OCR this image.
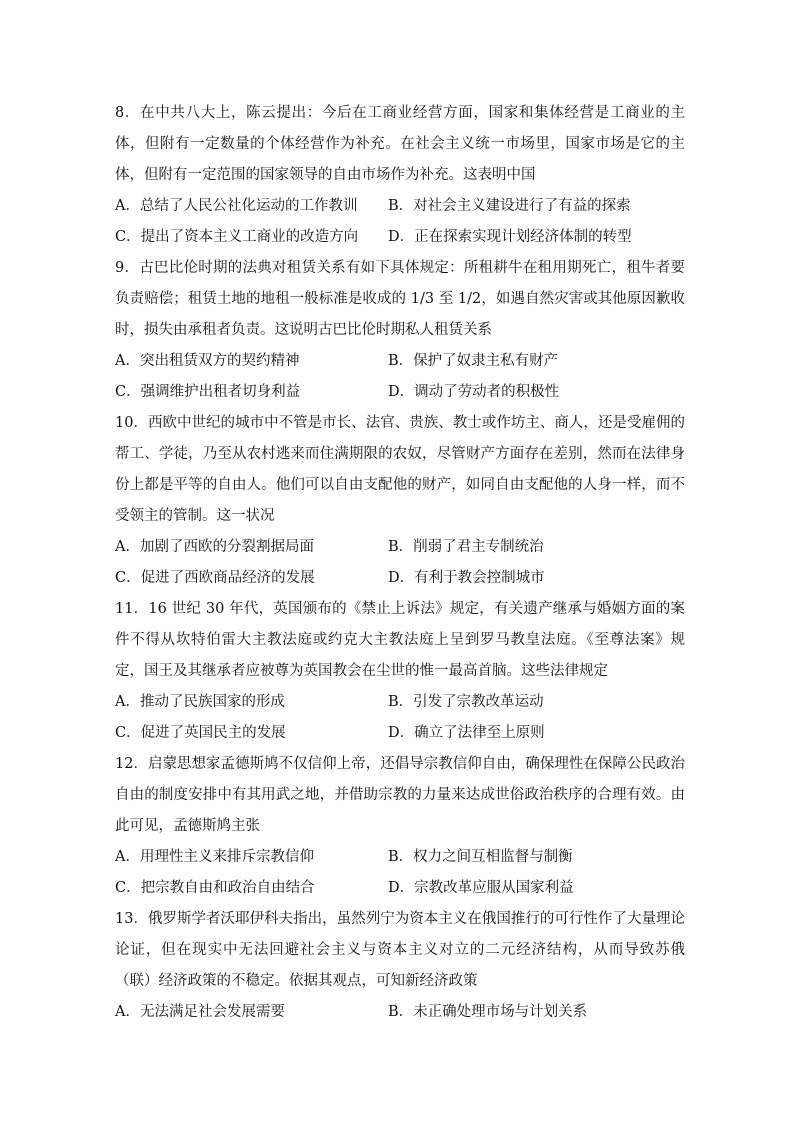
8．在中共八大上，陈云提出：今后在工商业经营方面，国家和集体经营是工商业的主体，但附有一定数量的个体经营作为补充。在社会主义统一市场里，国家市场是它的主体，但附有一定范围的国家领导的自由市场作为补充。这表明中国

A．总结了人民公社化运动的工作教训	B．对社会主义建设进行了有益的探索
C．提出了资本主义工商业的改造方向	D．正在探索实现计划经济体制的转型

9．古巴比伦时期的法典对租赁关系有如下具体规定：所租耕牛在租用期死亡，租牛者要负责赔偿；租赁土地的地租一般标准是收成的 1/3 至 1/2，如遇自然灾害或其他原因歉收时，损失由承租者负责。这说明古巴比伦时期私人租赁关系

A．突出租赁双方的契约精神	B．保护了奴隶主私有财产
C．强调维护出租者切身利益	D．调动了劳动者的积极性

10．西欧中世纪的城市中不管是市长、法官、贵族、教士或作坊主、商人，还是受雇佣的帮工、学徒，乃至从农村逃来而住满期限的农奴，尽管财产方面存在差别，然而在法律身份上都是平等的自由人。他们可以自由支配他的财产，如同自由支配他的人身一样，而不受领主的管制。这一状况

A．加剧了西欧的分裂割据局面	B．削弱了君主专制统治
C．促进了西欧商品经济的发展	D．有利于教会控制城市

11．16 世纪 30 年代，英国颁布的《禁止上诉法》规定，有关遗产继承与婚姻方面的案件不得从坎特伯雷大主教法庭或约克大主教法庭上呈到罗马教皇法庭。《至尊法案》规定，国王及其继承者应被尊为英国教会在尘世的惟一最高首脑。这些法律规定

A．推动了民族国家的形成	B．引发了宗教改革运动
C．促进了英国民主的发展	D．确立了法律至上原则

12．启蒙思想家孟德斯鸠不仅信仰上帝，还倡导宗教信仰自由，确保理性在保障公民政治自由的制度安排中有其用武之地，并借助宗教的力量来达成世俗政治秩序的合理有效。由此可见，孟德斯鸠主张

A．用理性主义来排斥宗教信仰	B．权力之间互相监督与制衡
C．把宗教自由和政治自由结合	D．宗教改革应服从国家利益

13．俄罗斯学者沃耶伊科夫指出，虽然列宁为资本主义在俄国推行的可行性作了大量理论论证，但在现实中无法回避社会主义与资本主义对立的二元经济结构，从而导致苏俄（联）经济政策的不稳定。依据其观点，可知新经济政策

A．无法满足社会发展需要	B．未正确处理市场与计划关系
